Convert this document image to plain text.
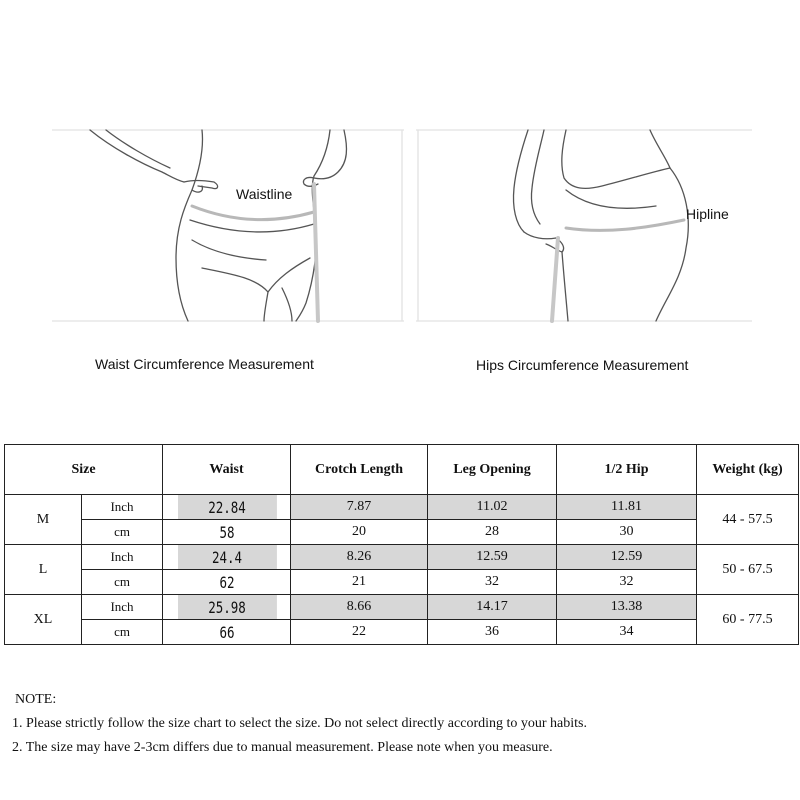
Waistline
Hipline
Waist Circumference Measurement	Hips Circumference Measurement
Size		Waist	Crotch Length	Leg Opening	1/2 Hip	Weight (kg)
M	Inch	22.84	7.87	11.02	11.81	44 - 57.5
	cm	58	20	28	30	
L	Inch	24.4	8.26	12.59	12.59	50 - 67.5
	cm	62	21	32	32	
XL	Inch	25.98	8.66	14.17	13.38	60 - 77.5
	cm	66	22	36	34	
NOTE:
1. Please strictly follow the size chart to select the size. Do not select directly according to your habits.
2. The size may have 2-3cm differs due to manual measurement. Please note when you measure.
